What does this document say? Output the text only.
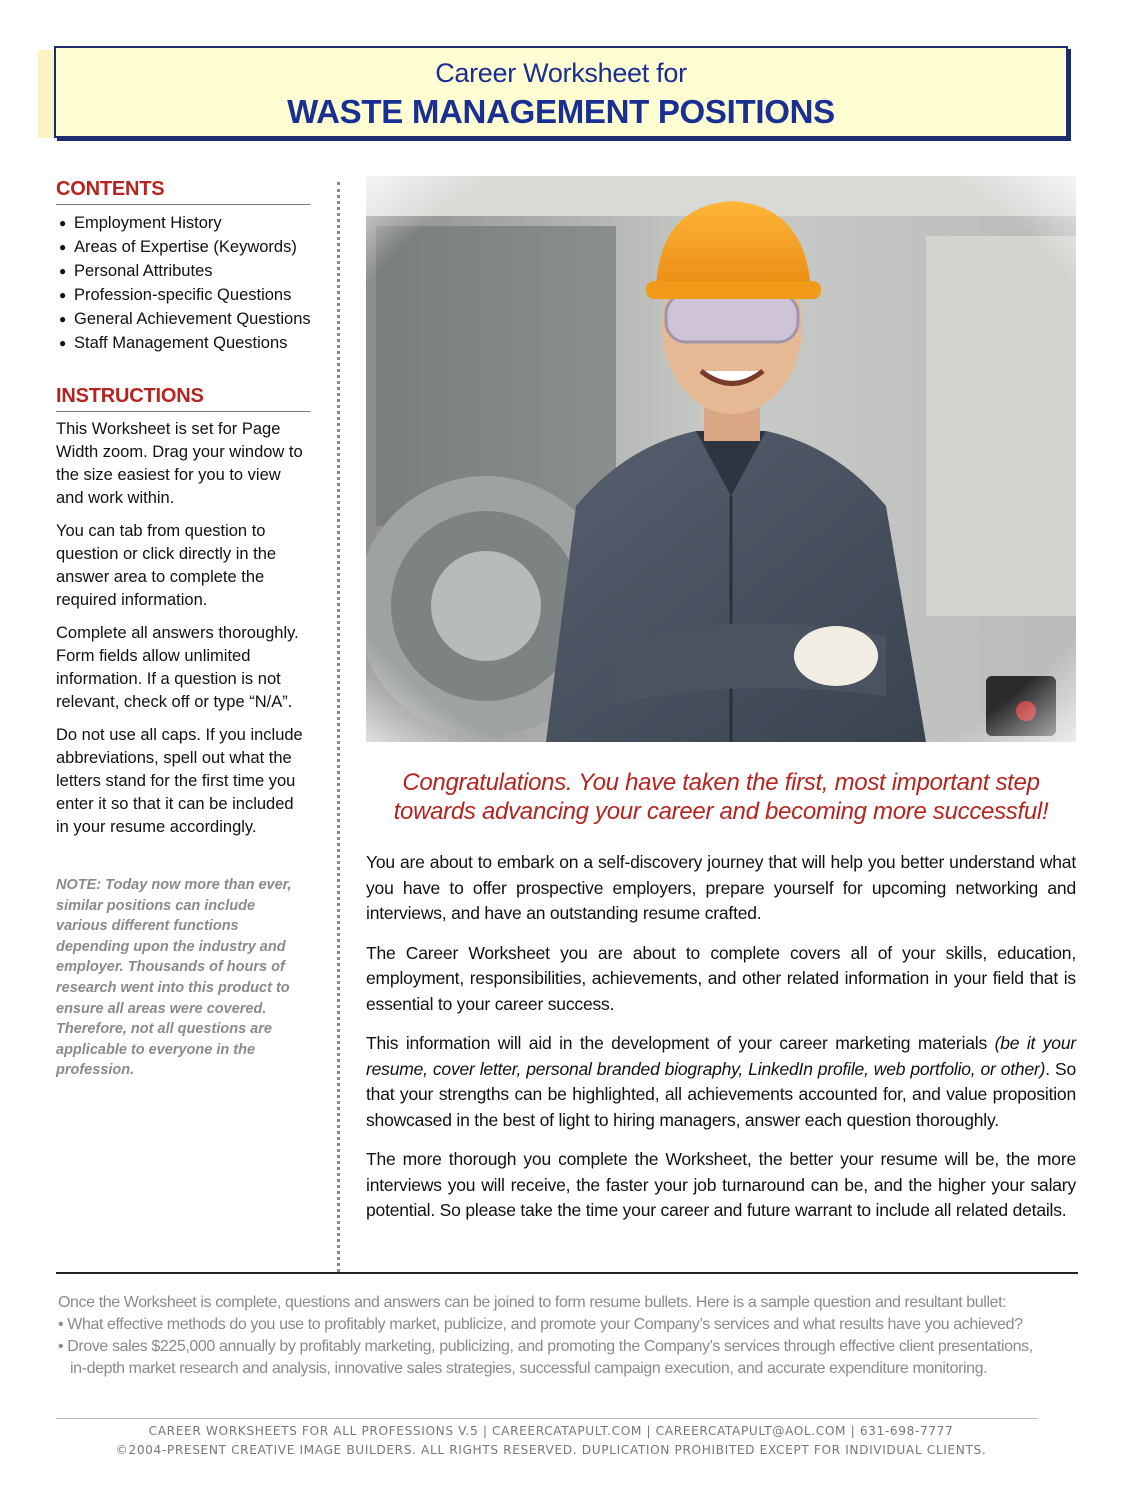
Career Worksheet for
WASTE MANAGEMENT POSITIONS
CONTENTS
● Employment History
● Areas of Expertise (Keywords)
● Personal Attributes
● Profession-specific Questions
● General Achievement Questions
● Staff Management Questions
INSTRUCTIONS

This Worksheet is set for Page Width zoom. Drag your window to the size easiest for you to view and work within.

You can tab from question to question or click directly in the answer area to complete the required information.

Complete all answers thoroughly. Form fields allow unlimited information. If a question is not relevant, check off or type “N/A”.

Do not use all caps. If you include abbreviations, spell out what the letters stand for the first time you enter it so that it can be included in your resume accordingly.

NOTE: Today now more than ever, similar positions can include various different functions depending upon the industry and employer. Thousands of hours of research went into this product to ensure all areas were covered. Therefore, not all questions are applicable to everyone in the profession.
Congratulations. You have taken the first, most important step
towards advancing your career and becoming more successful!

You are about to embark on a self-discovery journey that will help you better understand what you have to offer prospective employers, prepare yourself for upcoming networking and interviews, and have an outstanding resume crafted.

The Career Worksheet you are about to complete covers all of your skills, education, employment, responsibilities, achievements, and other related information in your field that is essential to your career success.

This information will aid in the development of your career marketing materials (be it your resume, cover letter, personal branded biography, LinkedIn profile, web portfolio, or other). So that your strengths can be highlighted, all achievements accounted for, and value proposition showcased in the best of light to hiring managers, answer each question thoroughly.

The more thorough you complete the Worksheet, the better your resume will be, the more interviews you will receive, the faster your job turnaround can be, and the higher your salary potential. So please take the time your career and future warrant to include all related details.

Once the Worksheet is complete, questions and answers can be joined to form resume bullets. Here is a sample question and resultant bullet:
• What effective methods do you use to profitably market, publicize, and promote your Company’s services and what results have you achieved?
• Drove sales $225,000 annually by profitably marketing, publicizing, and promoting the Company’s services through effective client presentations,
in-depth market research and analysis, innovative sales strategies, successful campaign execution, and accurate expenditure monitoring.
CAREER WORKSHEETS FOR ALL PROFESSIONS V.5 | CAREERCATAPULT.COM | CAREERCATAPULT@AOL.COM | 631-698-7777
©2004-PRESENT CREATIVE IMAGE BUILDERS. ALL RIGHTS RESERVED. DUPLICATION PROHIBITED EXCEPT FOR INDIVIDUAL CLIENTS.
